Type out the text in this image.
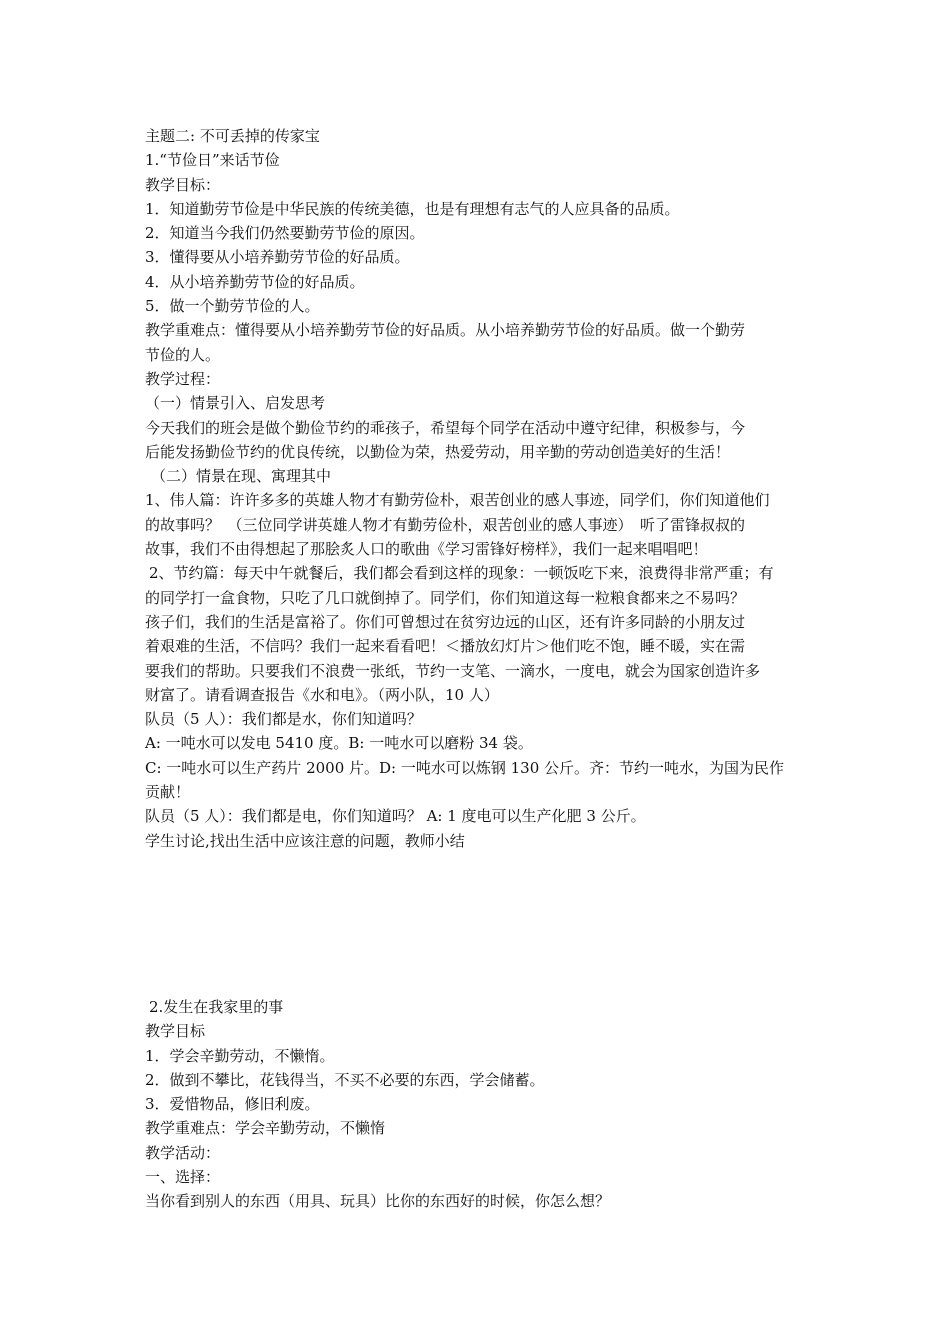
主题二: 不可丢掉的传家宝
1.“节俭日”来话节俭
教学目标：
1．知道勤劳节俭是中华民族的传统美德，也是有理想有志气的人应具备的品质。
2．知道当今我们仍然要勤劳节俭的原因。
3．懂得要从小培养勤劳节俭的好品质。
4．从小培养勤劳节俭的好品质。
5．做一个勤劳节俭的人。
教学重难点：懂得要从小培养勤劳节俭的好品质。从小培养勤劳节俭的好品质。做一个勤劳
节俭的人。
教学过程：
（一）情景引入、启发思考
今天我们的班会是做个勤俭节约的乖孩子，希望每个同学在活动中遵守纪律，积极参与，今
后能发扬勤俭节约的优良传统，以勤俭为荣，热爱劳动，用辛勤的劳动创造美好的生活！
（二）情景在现、寓理其中
1、伟人篇：许许多多的英雄人物才有勤劳俭朴，艰苦创业的感人事迹，同学们，你们知道他们
的故事吗？　（三位同学讲英雄人物才有勤劳俭朴，艰苦创业的感人事迹）　听了雷锋叔叔的
故事，我们不由得想起了那脍炙人口的歌曲《学习雷锋好榜样》，我们一起来唱唱吧！
2、节约篇：每天中午就餐后，我们都会看到这样的现象：一顿饭吃下来，浪费得非常严重；有
的同学打一盒食物，只吃了几口就倒掉了。同学们，你们知道这每一粒粮食都来之不易吗？
孩子们，我们的生活是富裕了。你们可曾想过在贫穷边远的山区，还有许多同龄的小朋友过
着艰难的生活，不信吗？我们一起来看看吧！＜播放幻灯片＞他们吃不饱，睡不暖，实在需
要我们的帮助。只要我们不浪费一张纸，节约一支笔、一滴水，一度电，就会为国家创造许多
财富了。请看调查报告《水和电》。（两小队，10 人）
队员（5 人）：我们都是水，你们知道吗？
A: 一吨水可以发电 5410 度。B: 一吨水可以磨粉 34 袋。
C: 一吨水可以生产药片 2000 片。D: 一吨水可以炼钢 130 公斤。齐：节约一吨水，为国为民作
贡献！
队员（5 人）：我们都是电，你们知道吗？ A: 1 度电可以生产化肥 3 公斤。
学生讨论,找出生活中应该注意的问题，教师小结
2.发生在我家里的事
教学目标
1．学会辛勤劳动，不懒惰。
2．做到不攀比，花钱得当，不买不必要的东西，学会储蓄。
3．爱惜物品，修旧利废。
教学重难点：学会辛勤劳动，不懒惰
教学活动：
一、选择：
当你看到别人的东西（用具、玩具）比你的东西好的时候，你怎么想？
